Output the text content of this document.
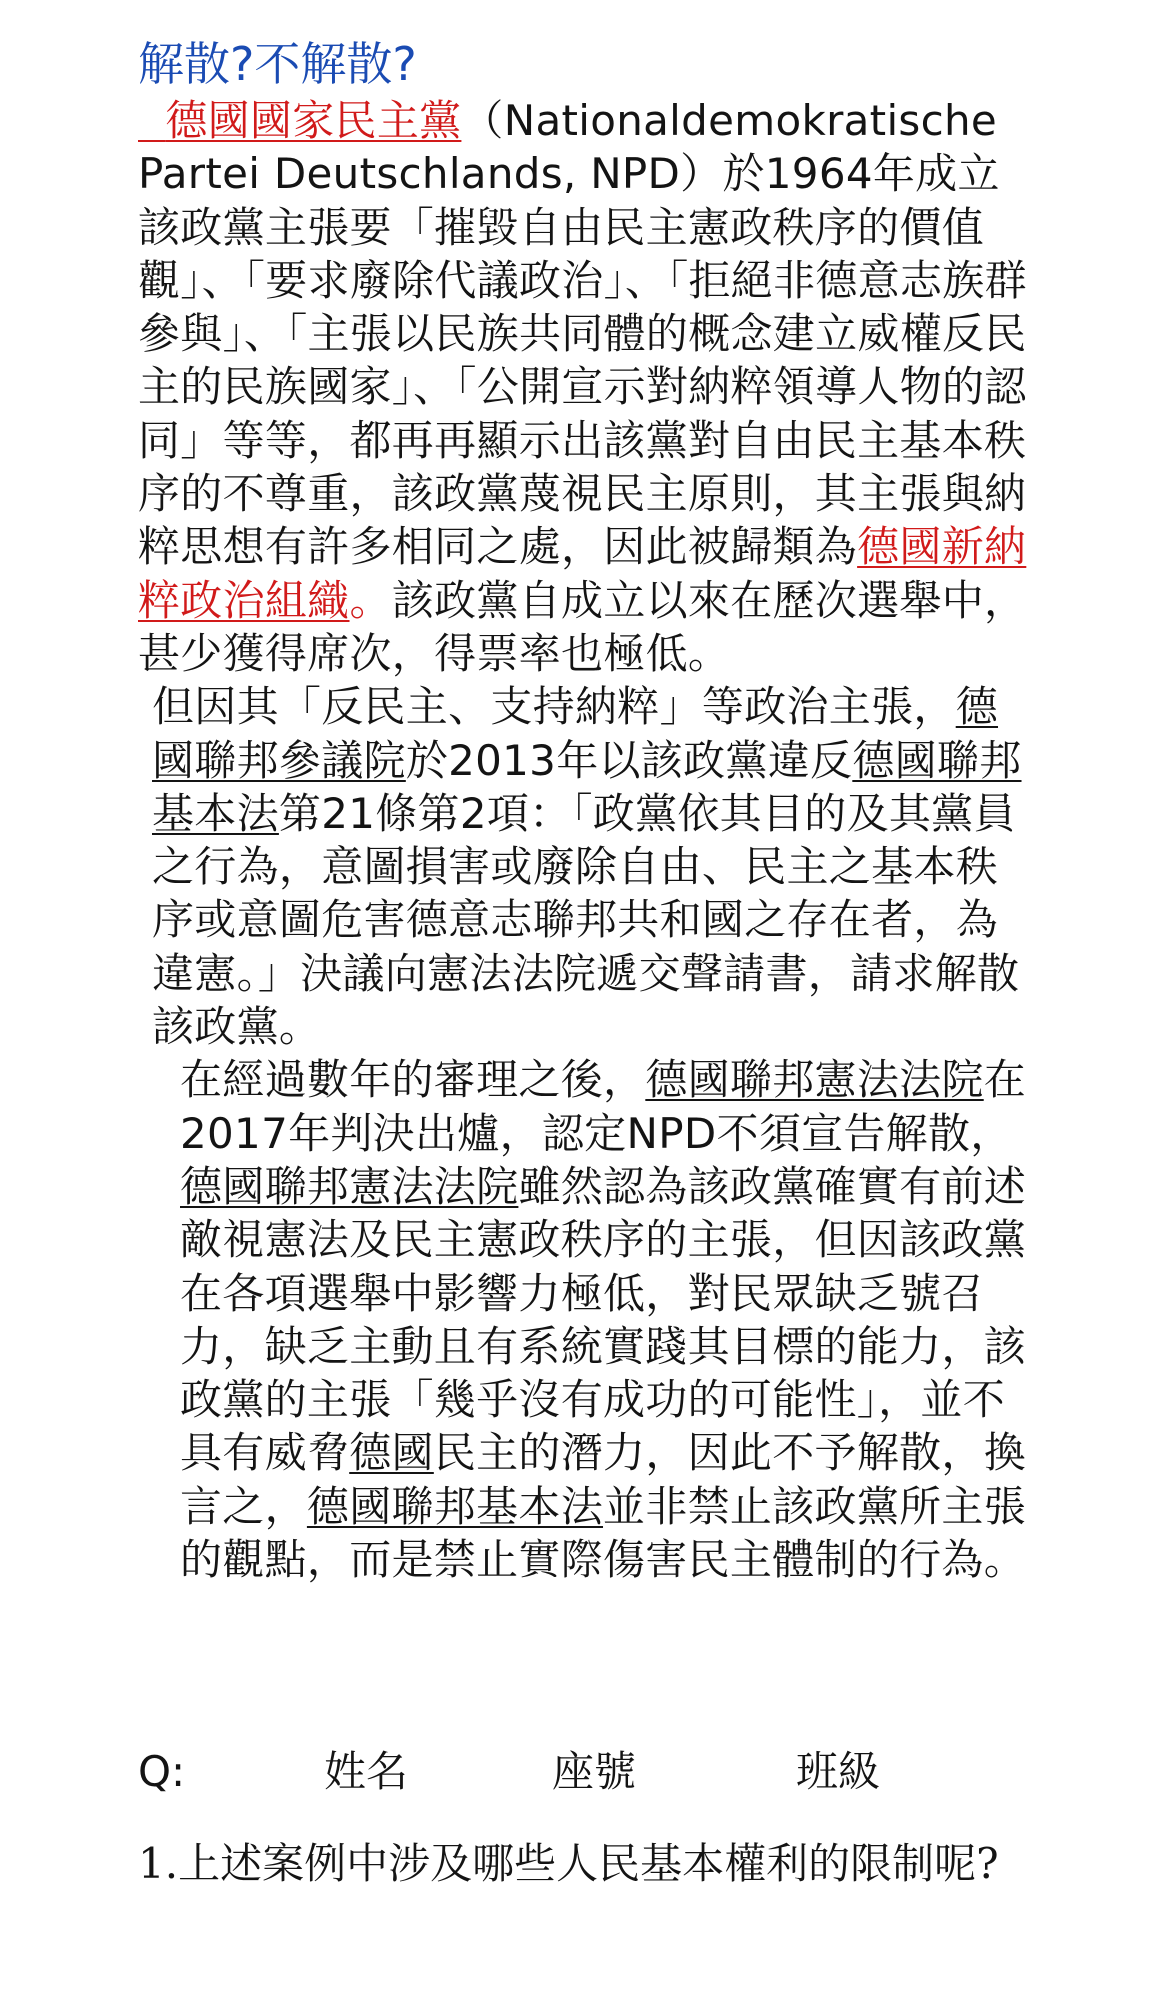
解散?不解散?

德國國家民主黨（Nationaldemokratische Partei Deutschlands, NPD）於1964年成立該政黨主張要「摧毀自由民主憲政秩序的價值觀」、「要求廢除代議政治」、「拒絕非德意志族群參與」、「主張以民族共同體的概念建立威權反民主的民族國家」、「公開宣示對納粹領導人物的認同」等等，都再再顯示出該黨對自由民主基本秩序的不尊重，該政黨蔑視民主原則，其主張與納粹思想有許多相同之處，因此被歸類為德國新納粹政治組織。該政黨自成立以來在歷次選舉中，甚少獲得席次，得票率也極低。

但因其「反民主、支持納粹」等政治主張，德國聯邦參議院於2013年以該政黨違反德國聯邦基本法第21條第2項：「政黨依其目的及其黨員之行為，意圖損害或廢除自由、民主之基本秩序或意圖危害德意志聯邦共和國之存在者，為違憲。」決議向憲法法院遞交聲請書，請求解散該政黨。

在經過數年的審理之後，德國聯邦憲法法院在2017年判決出爐，認定NPD不須宣告解散，德國聯邦憲法法院雖然認為該政黨確實有前述敵視憲法及民主憲政秩序的主張，但因該政黨在各項選舉中影響力極低，對民眾缺乏號召力，缺乏主動且有系統實踐其目標的能力，該政黨的主張「幾乎沒有成功的可能性」，並不具有威脅德國民主的潛力，因此不予解散，換言之，德國聯邦基本法並非禁止該政黨所主張的觀點，而是禁止實際傷害民主體制的行為。

Q:	姓名	座號	班級

1.上述案例中涉及哪些人民基本權利的限制呢?
